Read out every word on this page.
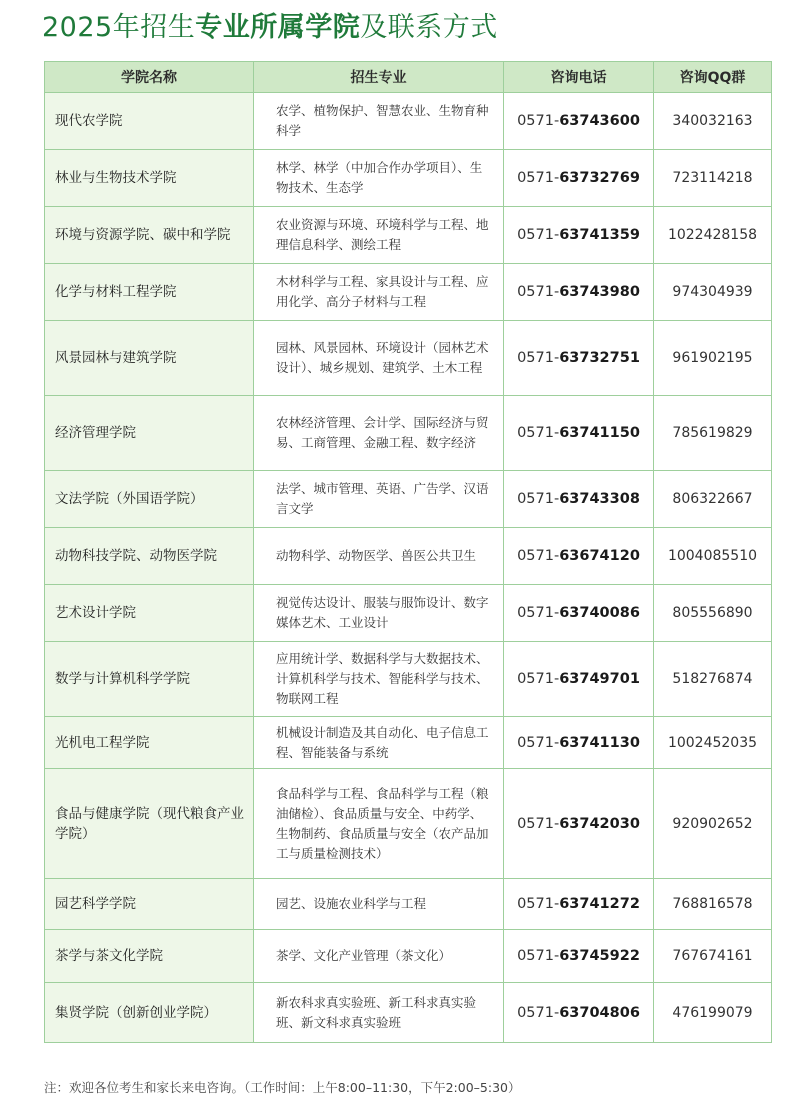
2025年招生专业所属学院及联系方式
学院名称	招生专业	咨询电话	咨询QQ群
现代农学院	农学、植物保护、智慧农业、生物育种科学	0571-63743600	340032163
林业与生物技术学院	林学、林学（中加合作办学项目）、生物技术、生态学	0571-63732769	723114218
环境与资源学院、碳中和学院	农业资源与环境、环境科学与工程、地理信息科学、测绘工程	0571-63741359	1022428158
化学与材料工程学院	木材科学与工程、家具设计与工程、应用化学、高分子材料与工程	0571-63743980	974304939
风景园林与建筑学院	园林、风景园林、环境设计（园林艺术设计）、城乡规划、建筑学、土木工程	0571-63732751	961902195
经济管理学院	农林经济管理、会计学、国际经济与贸易、工商管理、金融工程、数字经济	0571-63741150	785619829
文法学院（外国语学院）	法学、城市管理、英语、广告学、汉语言文学	0571-63743308	806322667
动物科技学院、动物医学院	动物科学、动物医学、兽医公共卫生	0571-63674120	1004085510
艺术设计学院	视觉传达设计、服装与服饰设计、数字媒体艺术、工业设计	0571-63740086	805556890
数学与计算机科学学院	应用统计学、数据科学与大数据技术、计算机科学与技术、智能科学与技术、物联网工程	0571-63749701	518276874
光机电工程学院	机械设计制造及其自动化、电子信息工程、智能装备与系统	0571-63741130	1002452035
食品与健康学院（现代粮食产业学院）	食品科学与工程、食品科学与工程（粮油储检）、食品质量与安全、中药学、生物制药、食品质量与安全（农产品加工与质量检测技术）	0571-63742030	920902652
园艺科学学院	园艺、设施农业科学与工程	0571-63741272	768816578
茶学与茶文化学院	茶学、文化产业管理（茶文化）	0571-63745922	767674161
集贤学院（创新创业学院）	新农科求真实验班、新工科求真实验班、新文科求真实验班	0571-63704806	476199079
注：欢迎各位考生和家长来电咨询。（工作时间：上午8:00–11:30，下午2:00–5:30）
